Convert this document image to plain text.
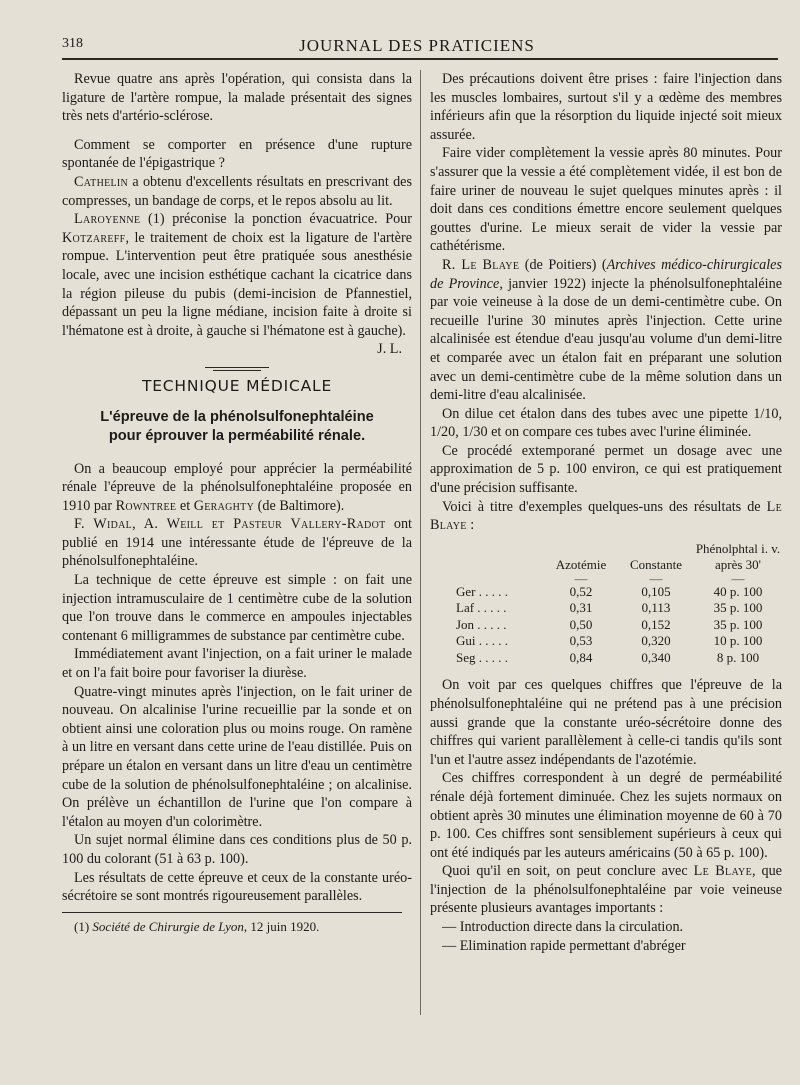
318	JOURNAL DES PRATICIENS

Revue quatre ans après l'opération, qui consista dans la ligature de l'artère rompue, la malade présentait des signes très nets d'artério-sclérose.

Comment se comporter en présence d'une rupture spontanée de l'épigastrique ?

Cathelin a obtenu d'excellents résultats en prescrivant des compresses, un bandage de corps, et le repos absolu au lit.

Laroyenne (1) préconise la ponction évacuatrice. Pour Kotzareff, le traitement de choix est la ligature de l'artère rompue. L'intervention peut être pratiquée sous anesthésie locale, avec une incision esthétique cachant la cicatrice dans la région pileuse du pubis (demi-incision de Pfannestiel, dépassant un peu la ligne médiane, incision faite à droite si l'hématone est à droite, à gauche si l'hématone est à gauche).

J. L.

TECHNIQUE MÉDICALE
L'épreuve de la phénolsulfonephtaléine
pour éprouver la perméabilité rénale.

On a beaucoup employé pour apprécier la perméabilité rénale l'épreuve de la phénolsulfonephtaléine proposée en 1910 par Rowntree et Geraghty (de Baltimore).

F. Widal, A. Weill et Pasteur Vallery-Radot ont publié en 1914 une intéressante étude de l'épreuve de la phénolsulfonephtaléine.

La technique de cette épreuve est simple : on fait une injection intramusculaire de 1 centimètre cube de la solution que l'on trouve dans le commerce en ampoules injectables contenant 6 milligrammes de substance par centimètre cube.

Immédiatement avant l'injection, on a fait uriner le malade et on l'a fait boire pour favoriser la diurèse.

Quatre-vingt minutes après l'injection, on le fait uriner de nouveau. On alcalinise l'urine recueillie par la sonde et on obtient ainsi une coloration plus ou moins rouge. On ramène à un litre en versant dans cette urine de l'eau distillée. Puis on prépare un étalon en versant dans un litre d'eau un centimètre cube de la solution de phénolsulfonephtaléine ; on alcalinise. On prélève un échantillon de l'urine que l'on compare à l'étalon au moyen d'un colorimètre.

Un sujet normal élimine dans ces conditions plus de 50 p. 100 du colorant (51 à 63 p. 100).

Les résultats de cette épreuve et ceux de la constante uréo-sécrétoire se sont montrés rigoureusement parallèles.

(1) Société de Chirurgie de Lyon, 12 juin 1920.

Des précautions doivent être prises : faire l'injection dans les muscles lombaires, surtout s'il y a œdème des membres inférieurs afin que la résorption du liquide injecté soit mieux assurée.

Faire vider complètement la vessie après 80 minutes. Pour s'assurer que la vessie a été complètement vidée, il est bon de faire uriner de nouveau le sujet quelques minutes après : il doit dans ces conditions émettre encore seulement quelques gouttes d'urine. Le mieux serait de vider la vessie par cathétérisme.

R. Le Blaye (de Poitiers) (Archives médico-chirurgicales de Province, janvier 1922) injecte la phénolsulfonephtaléine par voie veineuse à la dose de un demi-centimètre cube. On recueille l'urine 30 minutes après l'injection. Cette urine alcalinisée est étendue d'eau jusqu'au volume d'un demi-litre et comparée avec un étalon fait en préparant une solution avec un demi-centimètre cube de la même solution dans un demi-litre d'eau alcalinisée.

On dilue cet étalon dans des tubes avec une pipette 1/10, 1/20, 1/30 et on compare ces tubes avec l'urine éliminée.

Ce procédé extemporané permet un dosage avec une approximation de 5 p. 100 environ, ce qui est pratiquement d'une précision suffisante.

Voici à titre d'exemples quelques-uns des résultats de Le Blaye :

	Azotémie	Constante	Phénolphtal i. v. après 30'
	—	—	—
Ger . . . . .	0,52	0,105	40 p. 100
Laf . . . . .	0,31	0,113	35 p. 100
Jon . . . . .	0,50	0,152	35 p. 100
Gui . . . . .	0,53	0,320	10 p. 100
Seg . . . . .	0,84	0,340	8 p. 100

On voit par ces quelques chiffres que l'épreuve de la phénolsulfonephtaléine qui ne prétend pas à une précision aussi grande que la constante uréo-sécrétoire donne des chiffres qui varient parallèlement à celle-ci tandis qu'ils sont l'un et l'autre assez indépendants de l'azotémie.

Ces chiffres correspondent à un degré de perméabilité rénale déjà fortement diminuée. Chez les sujets normaux on obtient après 30 minutes une élimination moyenne de 60 à 70 p. 100. Ces chiffres sont sensiblement supérieurs à ceux qui ont été indiqués par les auteurs américains (50 à 65 p. 100).

Quoi qu'il en soit, on peut conclure avec Le Blaye, que l'injection de la phénolsulfonephtaléine par voie veineuse présente plusieurs avantages importants :

— Introduction directe dans la circulation.

— Elimination rapide permettant d'abréger
